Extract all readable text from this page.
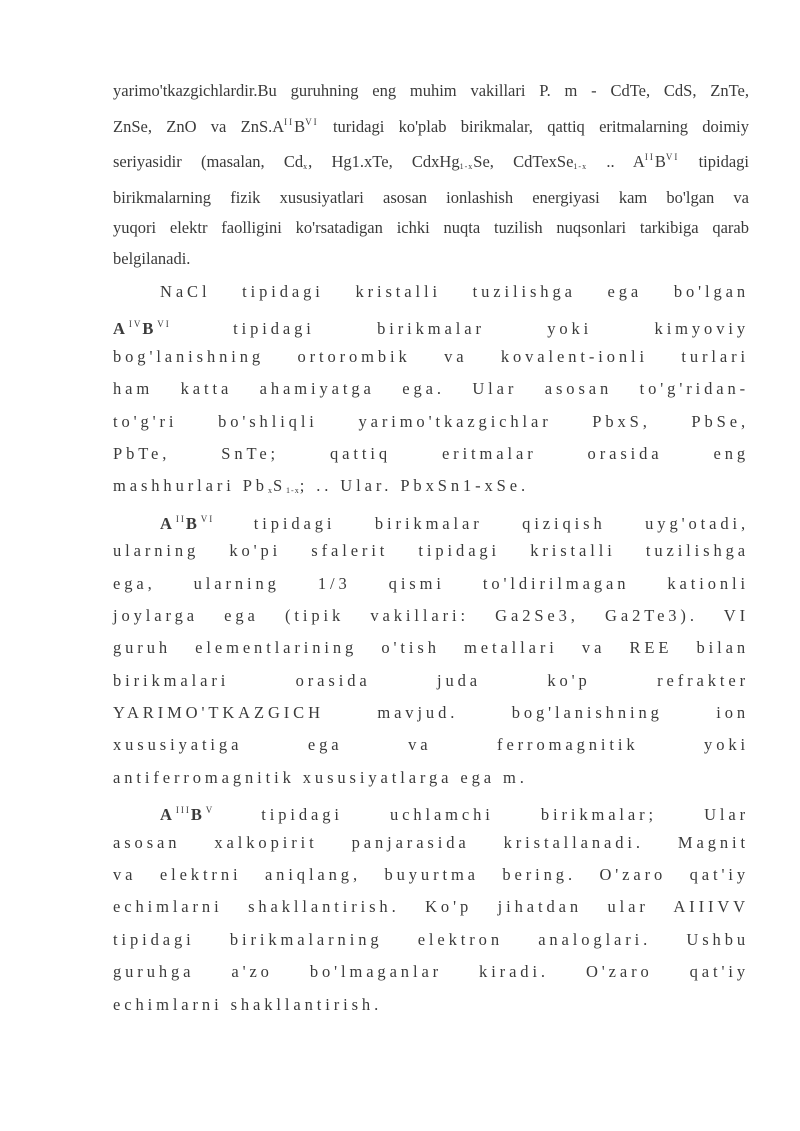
yarimo'tkazgichlardir.Bu guruhning eng muhim vakillari P. m - CdTe, CdS, ZnTe,
ZnSe, ZnO va $ZnS.A^{II}B^{VI}$ turidagi ko'plab birikmalar, qattiq eritmalarning doimiy
seriyasidir (masalan, $Cd_x$, Hg1.xTe, CdxHg$_{1-x}$Se, CdTexSe$_{1-x}$ .. $A^{II}B^{VI}$ tipidagi
birikmalarning fizik xususiyatlari asosan ionlashish energiyasi kam bo'lgan va
yuqori elektr faolligini ko'rsatadigan ichki nuqta tuzilish nuqsonlari tarkibiga qarab
belgilanadi.
NaCl tipidagi kristalli tuzilishga ega bo'lgan
$A^{IV}B^{VI}$ tipidagi birikmalar yoki kimyoviy
bog'lanishning ortorombik va kovalent-ionli turlari
ham katta ahamiyatga ega. Ular asosan to'g'ridan-
to'g'ri bo'shliqli yarimo'tkazgichlar PbxS, PbSe,
PbTe, SnTe; qattiq eritmalar orasida eng
mashhurlari $Pb_xS_{1-x}$; .. Ular. PbxSn1-xSe.
$A^{II}B^{VI}$ tipidagi birikmalar qiziqish uyg'otadi,
ularning ko'pi sfalerit tipidagi kristalli tuzilishga
ega, ularning 1/3 qismi to'ldirilmagan kationli
joylarga ega (tipik vakillari: Ga2Se3, Ga2Te3). VI
guruh elementlarining o'tish metallari va REE bilan
birikmalari orasida juda ko'p refrakter
YARIMO'TKAZGICH mavjud. bog'lanishning ion
xususiyatiga ega va ferromagnitik yoki
antiferromagnitik xususiyatlarga ega m.
$A^{III}B^V$ tipidagi uchlamchi birikmalar; Ular
asosan xalkopirit panjarasida kristallanadi. Magnit
va elektrni aniqlang, buyurtma bering. O'zaro qat'iy
echimlarni shakllantirish. Ko'p jihatdan ular AIIIVV
tipidagi birikmalarning elektron analoglari. Ushbu
guruhga a'zo bo'lmaganlar kiradi. O'zaro qat'iy
echimlarni shakllantirish.
